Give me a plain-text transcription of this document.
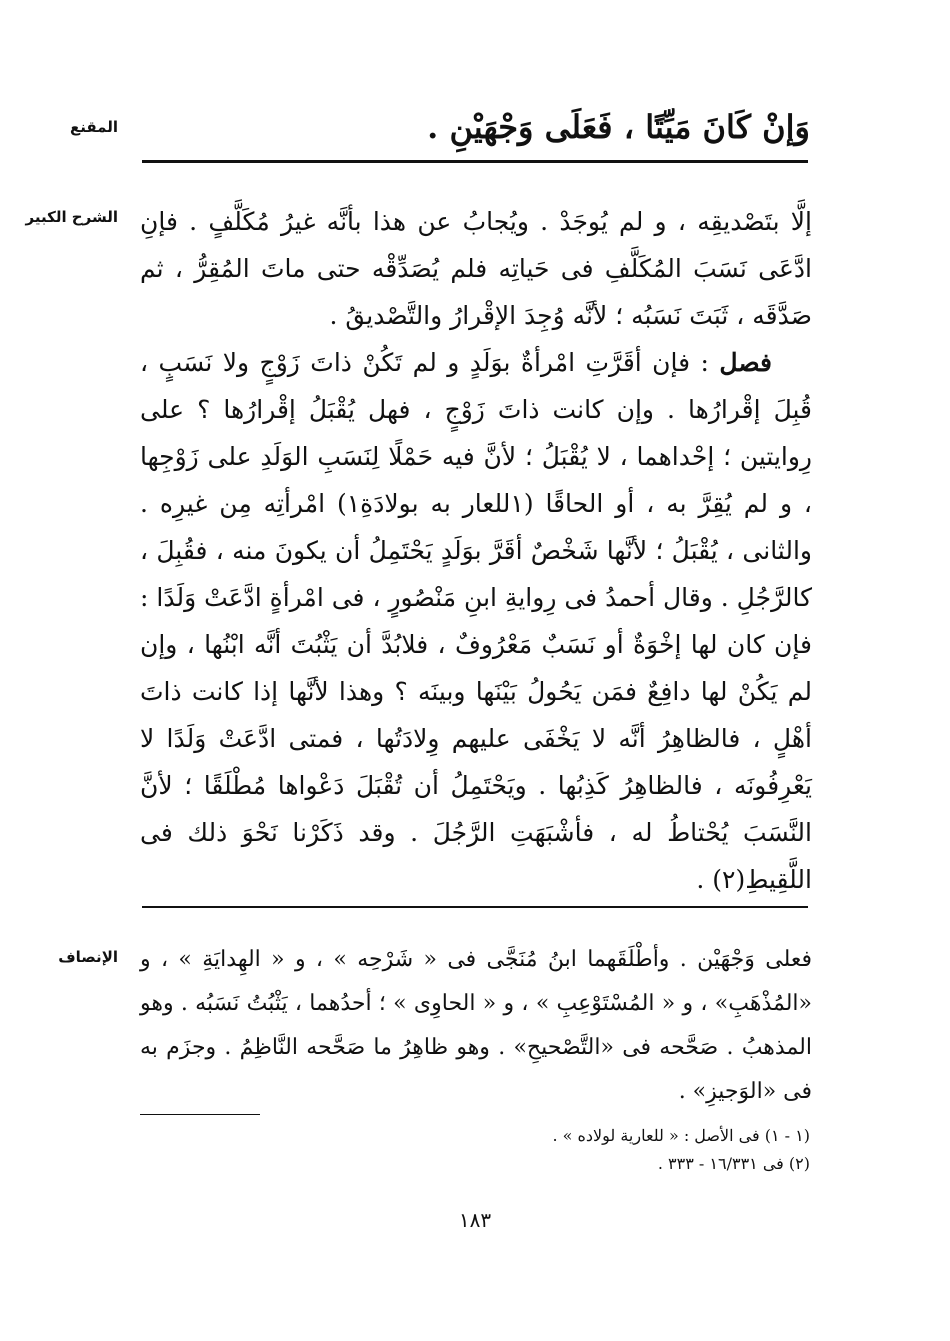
المقنع	وَإنْ كَانَ مَيِّتًا ، فَعَلَى وَجْهَيْنِ .
الشرح الكبير إلَّا بتَصْديقِه ، و لم يُوجَدْ . ويُجابُ عن هذا بأنَّه غيرُ مُكَلَّفٍ . فإنِ ادَّعَى نَسَبَ المُكَلَّفِ فى حَياتِه فلم يُصَدِّقْه حتى ماتَ المُقِرُّ ، ثم صَدَّقَه ، ثَبَتَ نَسَبُه ؛ لأنَّه وُجِدَ الإقْرارُ والتَّصْديقُ .

فصل : فإن أقَرَّتِ امْرأةٌ بوَلَدٍ و لم تَكُنْ ذاتَ زَوْجٍ ولا نَسَبٍ ، قُبِلَ إقْرارُها . وإن كانت ذاتَ زَوْجٍ ، فهل يُقْبَلُ إقْرارُها ؟ على رِوايتين ؛ إحْداهما ، لا يُقْبَلُ ؛ لأنَّ فيه حَمْلًا لِنَسَبِ الوَلَدِ على زَوْجِها ، و لم يُقِرَّ به ، أو الحاقًا (١للعار به بولادَةِ١) امْرأتِه مِن غيرِه . والثانى ، يُقْبَلُ ؛ لأنَّها شَخْصٌ أقَرَّ بوَلَدٍ يَحْتَمِلُ أن يكونَ منه ، فقُبِلَ ، كالرَّجُلِ . وقال أحمدُ فى رِوايةِ ابنِ مَنْصُورٍ ، فى امْرأةٍ ادَّعَتْ وَلَدًا : فإن كان لها إخْوَةٌ أو نَسَبٌ مَعْرُوفٌ ، فلابُدَّ أن يَثْبُتَ أنَّه ابْنُها ، وإن لم يَكُنْ لها دافِعٌ فمَن يَحُولُ بَيْنَها وبينَه ؟ وهذا لأنَّها إذا كانت ذاتَ أهْلٍ ، فالظاهِرُ أنَّه لا يَخْفَى عليهم وِلادَتُها ، فمتى ادَّعَتْ وَلَدًا لا يَعْرِفُونَه ، فالظاهِرُ كَذِبُها . ويَحْتَمِلُ أن تُقْبَلَ دَعْواها مُطْلَقًا ؛ لأنَّ النَّسَبَ يُحْتاطُ له ، فأشْبَهَتِ الرَّجُلَ . وقد ذَكَرْنا نَحْوَ ذلك فى اللَّقِيطِ(٢) .

الإنصاف فعلى وَجْهَيْن . وأطْلَقَهما ابنُ مُنَجَّى فى « شَرْحِه » ، و « الهِدايَةِ » ، و «المُذْهَبِ» ، و « المُسْتَوْعِبِ » ، و « الحاوِى » ؛ أحدُهما ، يَثْبُتُ نَسَبُه . وهو المذهبُ . صَحَّحه فى «التَّصْحيحِ» . وهو ظاهِرُ ما صَحَّحه النَّاظِمُ . وجزَم به فى «الوَجيزِ» .

(١ - ١) فى الأصل : « للعارية لولاده » .
(٢) فى ١٦/٣٣١ - ٣٣٣ .
١٨٣
